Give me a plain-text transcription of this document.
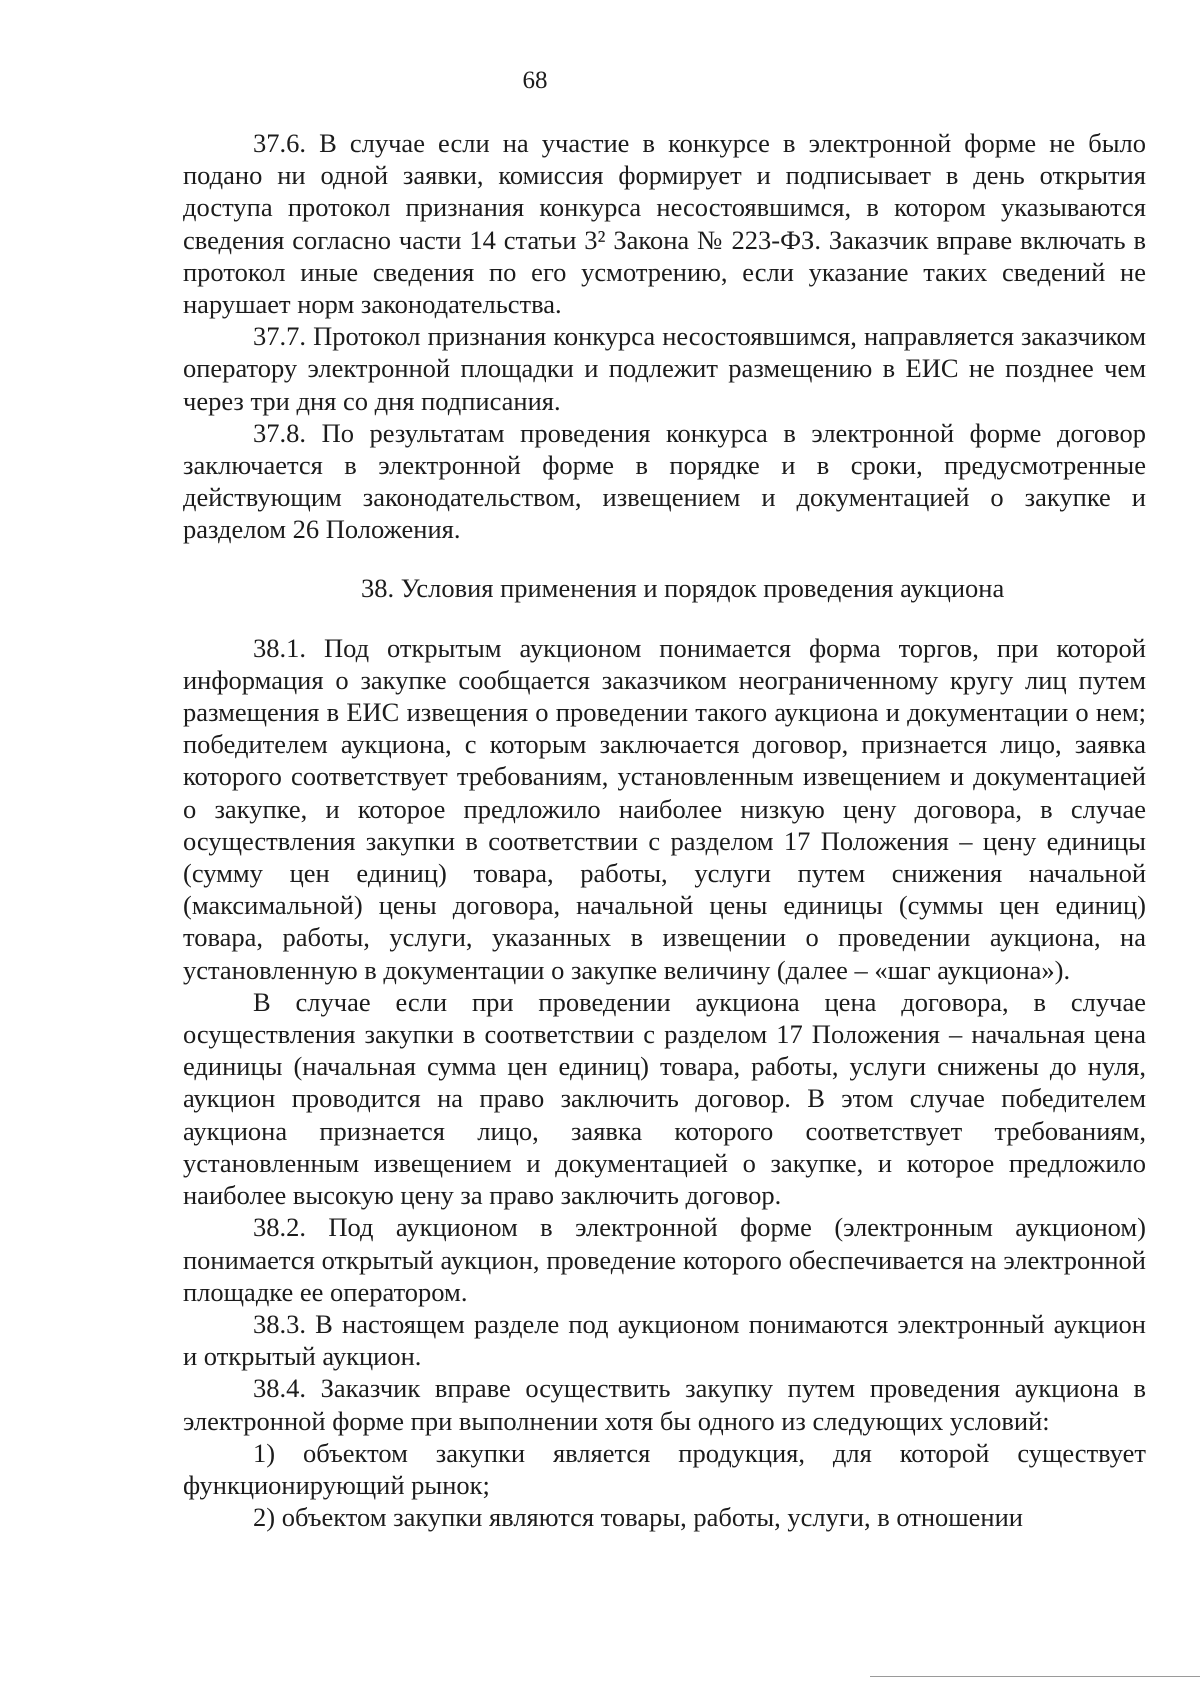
68

37.6. В случае если на участие в конкурсе в электронной форме не было подано ни одной заявки, комиссия формирует и подписывает в день открытия доступа протокол признания конкурса несостоявшимся, в котором указываются сведения согласно части 14 статьи 3² Закона № 223-ФЗ. Заказчик вправе включать в протокол иные сведения по его усмотрению, если указание таких сведений не нарушает норм законодательства.

37.7. Протокол признания конкурса несостоявшимся, направляется заказчиком оператору электронной площадки и подлежит размещению в ЕИС не позднее чем через три дня со дня подписания.

37.8. По результатам проведения конкурса в электронной форме договор заключается в электронной форме в порядке и в сроки, предусмотренные действующим законодательством, извещением и документацией о закупке и разделом 26 Положения.

38. Условия применения и порядок проведения аукциона

38.1. Под открытым аукционом понимается форма торгов, при которой информация о закупке сообщается заказчиком неограниченному кругу лиц путем размещения в ЕИС извещения о проведении такого аукциона и документации о нем; победителем аукциона, с которым заключается договор, признается лицо, заявка которого соответствует требованиям, установленным извещением и документацией о закупке, и которое предложило наиболее низкую цену договора, в случае осуществления закупки в соответствии с разделом 17 Положения – цену единицы (сумму цен единиц) товара, работы, услуги путем снижения начальной (максимальной) цены договора, начальной цены единицы (суммы цен единиц) товара, работы, услуги, указанных в извещении о проведении аукциона, на установленную в документации о закупке величину (далее – «шаг аукциона»).

В случае если при проведении аукциона цена договора, в случае осуществления закупки в соответствии с разделом 17 Положения – начальная цена единицы (начальная сумма цен единиц) товара, работы, услуги снижены до нуля, аукцион проводится на право заключить договор. В этом случае победителем аукциона признается лицо, заявка которого соответствует требованиям, установленным извещением и документацией о закупке, и которое предложило наиболее высокую цену за право заключить договор.

38.2. Под аукционом в электронной форме (электронным аукционом) понимается открытый аукцион, проведение которого обеспечивается на электронной площадке ее оператором.

38.3. В настоящем разделе под аукционом понимаются электронный аукцион и открытый аукцион.

38.4. Заказчик вправе осуществить закупку путем проведения аукциона в электронной форме при выполнении хотя бы одного из следующих условий:

1) объектом закупки является продукция, для которой существует функционирующий рынок;

2) объектом закупки являются товары, работы, услуги, в отношении
